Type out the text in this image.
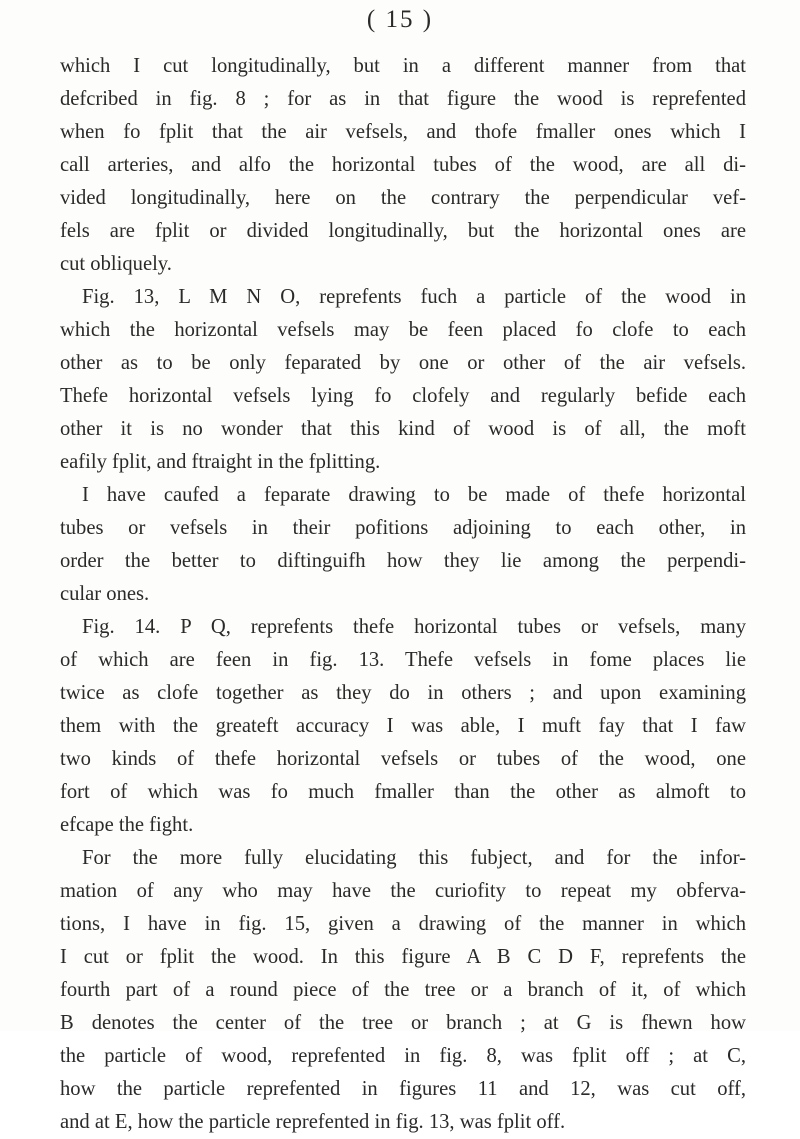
( 15 )
which I cut longitudinally, but in a different manner from that
defcribed in fig. 8 ; for as in that figure the wood is reprefented
when fo fplit that the air vefsels, and thofe fmaller ones which I
call arteries, and alfo the horizontal tubes of the wood, are all di-
vided longitudinally, here on the contrary the perpendicular vef-
fels are fplit or divided longitudinally, but the horizontal ones are
cut obliquely.
Fig. 13, L M N O, reprefents fuch a particle of the wood in
which the horizontal vefsels may be feen placed fo clofe to each
other as to be only feparated by one or other of the air vefsels.
Thefe horizontal vefsels lying fo clofely and regularly befide each
other it is no wonder that this kind of wood is of all, the moft
eafily fplit, and ftraight in the fplitting.
I have caufed a feparate drawing to be made of thefe horizontal
tubes or vefsels in their pofitions adjoining to each other, in
order the better to diftinguifh how they lie among the perpendi-
cular ones.
Fig. 14. P Q, reprefents thefe horizontal tubes or vefsels, many
of which are feen in fig. 13. Thefe vefsels in fome places lie
twice as clofe together as they do in others ; and upon examining
them with the greateft accuracy I was able, I muft fay that I faw
two kinds of thefe horizontal vefsels or tubes of the wood, one
fort of which was fo much fmaller than the other as almoft to
efcape the fight.
For the more fully elucidating this fubject, and for the infor-
mation of any who may have the curiofity to repeat my obferva-
tions, I have in fig. 15, given a drawing of the manner in which
I cut or fplit the wood. In this figure A B C D F, reprefents the
fourth part of a round piece of the tree or a branch of it, of which
B denotes the center of the tree or branch ; at G is fhewn how
the particle of wood, reprefented in fig. 8, was fplit off ; at C,
how the particle reprefented in figures 11 and 12, was cut off,
and at E, how the particle reprefented in fig. 13, was fplit off.
